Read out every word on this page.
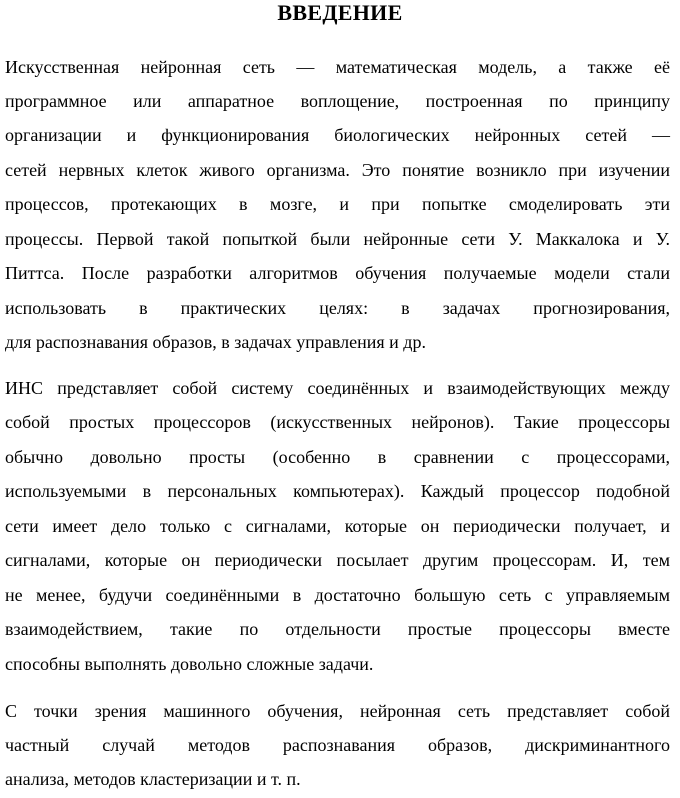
ВВЕДЕНИЕ
Искусственная нейронная сеть — математическая модель, а также её
программное или аппаратное воплощение, построенная по принципу
организации и функционирования биологических нейронных сетей —
сетей нервных клеток живого организма. Это понятие возникло при изучении
процессов, протекающих в мозге, и при попытке смоделировать эти
процессы. Первой такой попыткой были нейронные сети У. Маккалока и У.
Питтса. После разработки алгоритмов обучения получаемые модели стали
использовать в практических целях: в задачах прогнозирования,
для распознавания образов, в задачах управления и др.
ИНС представляет собой систему соединённых и взаимодействующих между
собой простых процессоров (искусственных нейронов). Такие процессоры
обычно довольно просты (особенно в сравнении с процессорами,
используемыми в персональных компьютерах). Каждый процессор подобной
сети имеет дело только с сигналами, которые он периодически получает, и
сигналами, которые он периодически посылает другим процессорам. И, тем
не менее, будучи соединёнными в достаточно большую сеть с управляемым
взаимодействием, такие по отдельности простые процессоры вместе
способны выполнять довольно сложные задачи.
С точки зрения машинного обучения, нейронная сеть представляет собой
частный случай методов распознавания образов, дискриминантного
анализа, методов кластеризации и т. п.
